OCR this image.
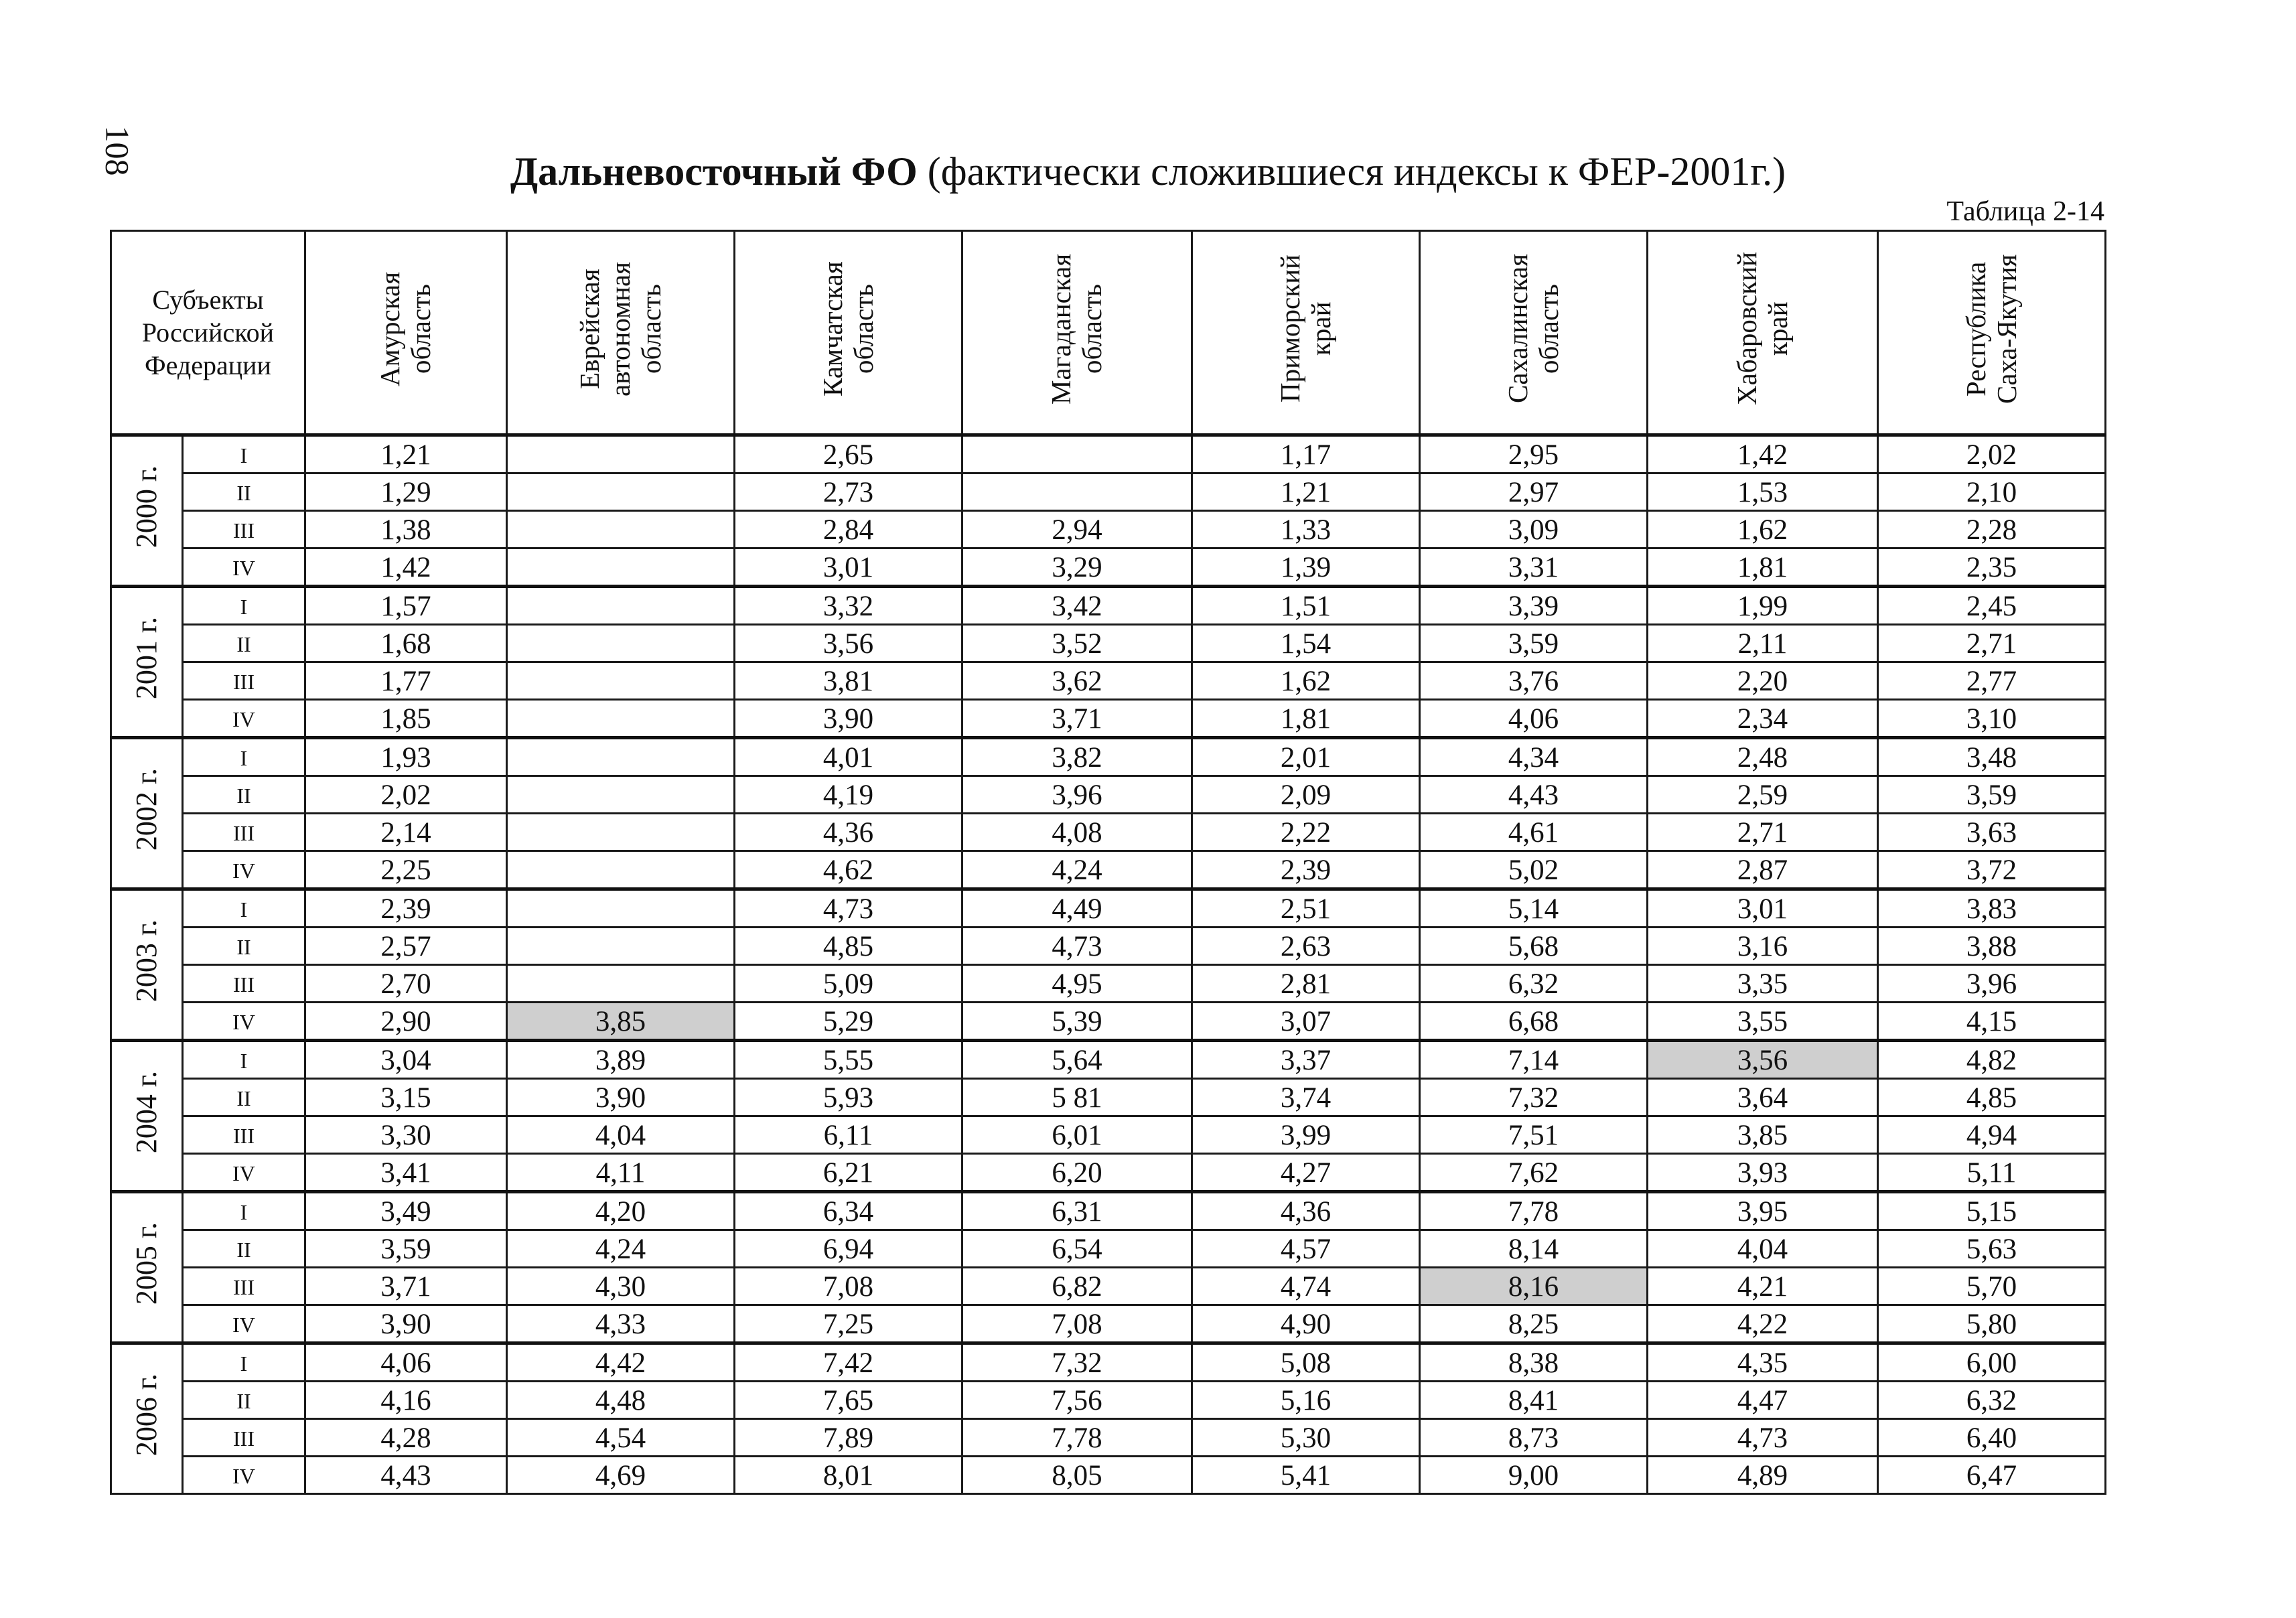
108	Дальневосточный ФО (фактически сложившиеся индексы к ФЕР-2001г.)
Таблица 2-14
Субъекты Российской Федерации		Амурская область	Еврейская автономная область	Камчатская область	Магаданская область	Приморский край	Сахалинская область	Хабаровский край	Республика Саха-Якутия
2000 г.	I	1,21		2,65		1,17	2,95	1,42	2,02
	II	1,29		2,73		1,21	2,97	1,53	2,10
	III	1,38		2,84	2,94	1,33	3,09	1,62	2,28
	IV	1,42		3,01	3,29	1,39	3,31	1,81	2,35
2001 г.	I	1,57		3,32	3,42	1,51	3,39	1,99	2,45
	II	1,68		3,56	3,52	1,54	3,59	2,11	2,71
	III	1,77		3,81	3,62	1,62	3,76	2,20	2,77
	IV	1,85		3,90	3,71	1,81	4,06	2,34	3,10
2002 г.	I	1,93		4,01	3,82	2,01	4,34	2,48	3,48
	II	2,02		4,19	3,96	2,09	4,43	2,59	3,59
	III	2,14		4,36	4,08	2,22	4,61	2,71	3,63
	IV	2,25		4,62	4,24	2,39	5,02	2,87	3,72
2003 г.	I	2,39		4,73	4,49	2,51	5,14	3,01	3,83
	II	2,57		4,85	4,73	2,63	5,68	3,16	3,88
	III	2,70		5,09	4,95	2,81	6,32	3,35	3,96
	IV	2,90	3,85	5,29	5,39	3,07	6,68	3,55	4,15
2004 г.	I	3,04	3,89	5,55	5,64	3,37	7,14	3,56	4,82
	II	3,15	3,90	5,93	5 81	3,74	7,32	3,64	4,85
	III	3,30	4,04	6,11	6,01	3,99	7,51	3,85	4,94
	IV	3,41	4,11	6,21	6,20	4,27	7,62	3,93	5,11
2005 г.	I	3,49	4,20	6,34	6,31	4,36	7,78	3,95	5,15
	II	3,59	4,24	6,94	6,54	4,57	8,14	4,04	5,63
	III	3,71	4,30	7,08	6,82	4,74	8,16	4,21	5,70
	IV	3,90	4,33	7,25	7,08	4,90	8,25	4,22	5,80
2006 г.	I	4,06	4,42	7,42	7,32	5,08	8,38	4,35	6,00
	II	4,16	4,48	7,65	7,56	5,16	8,41	4,47	6,32
	III	4,28	4,54	7,89	7,78	5,30	8,73	4,73	6,40
	IV	4,43	4,69	8,01	8,05	5,41	9,00	4,89	6,47
